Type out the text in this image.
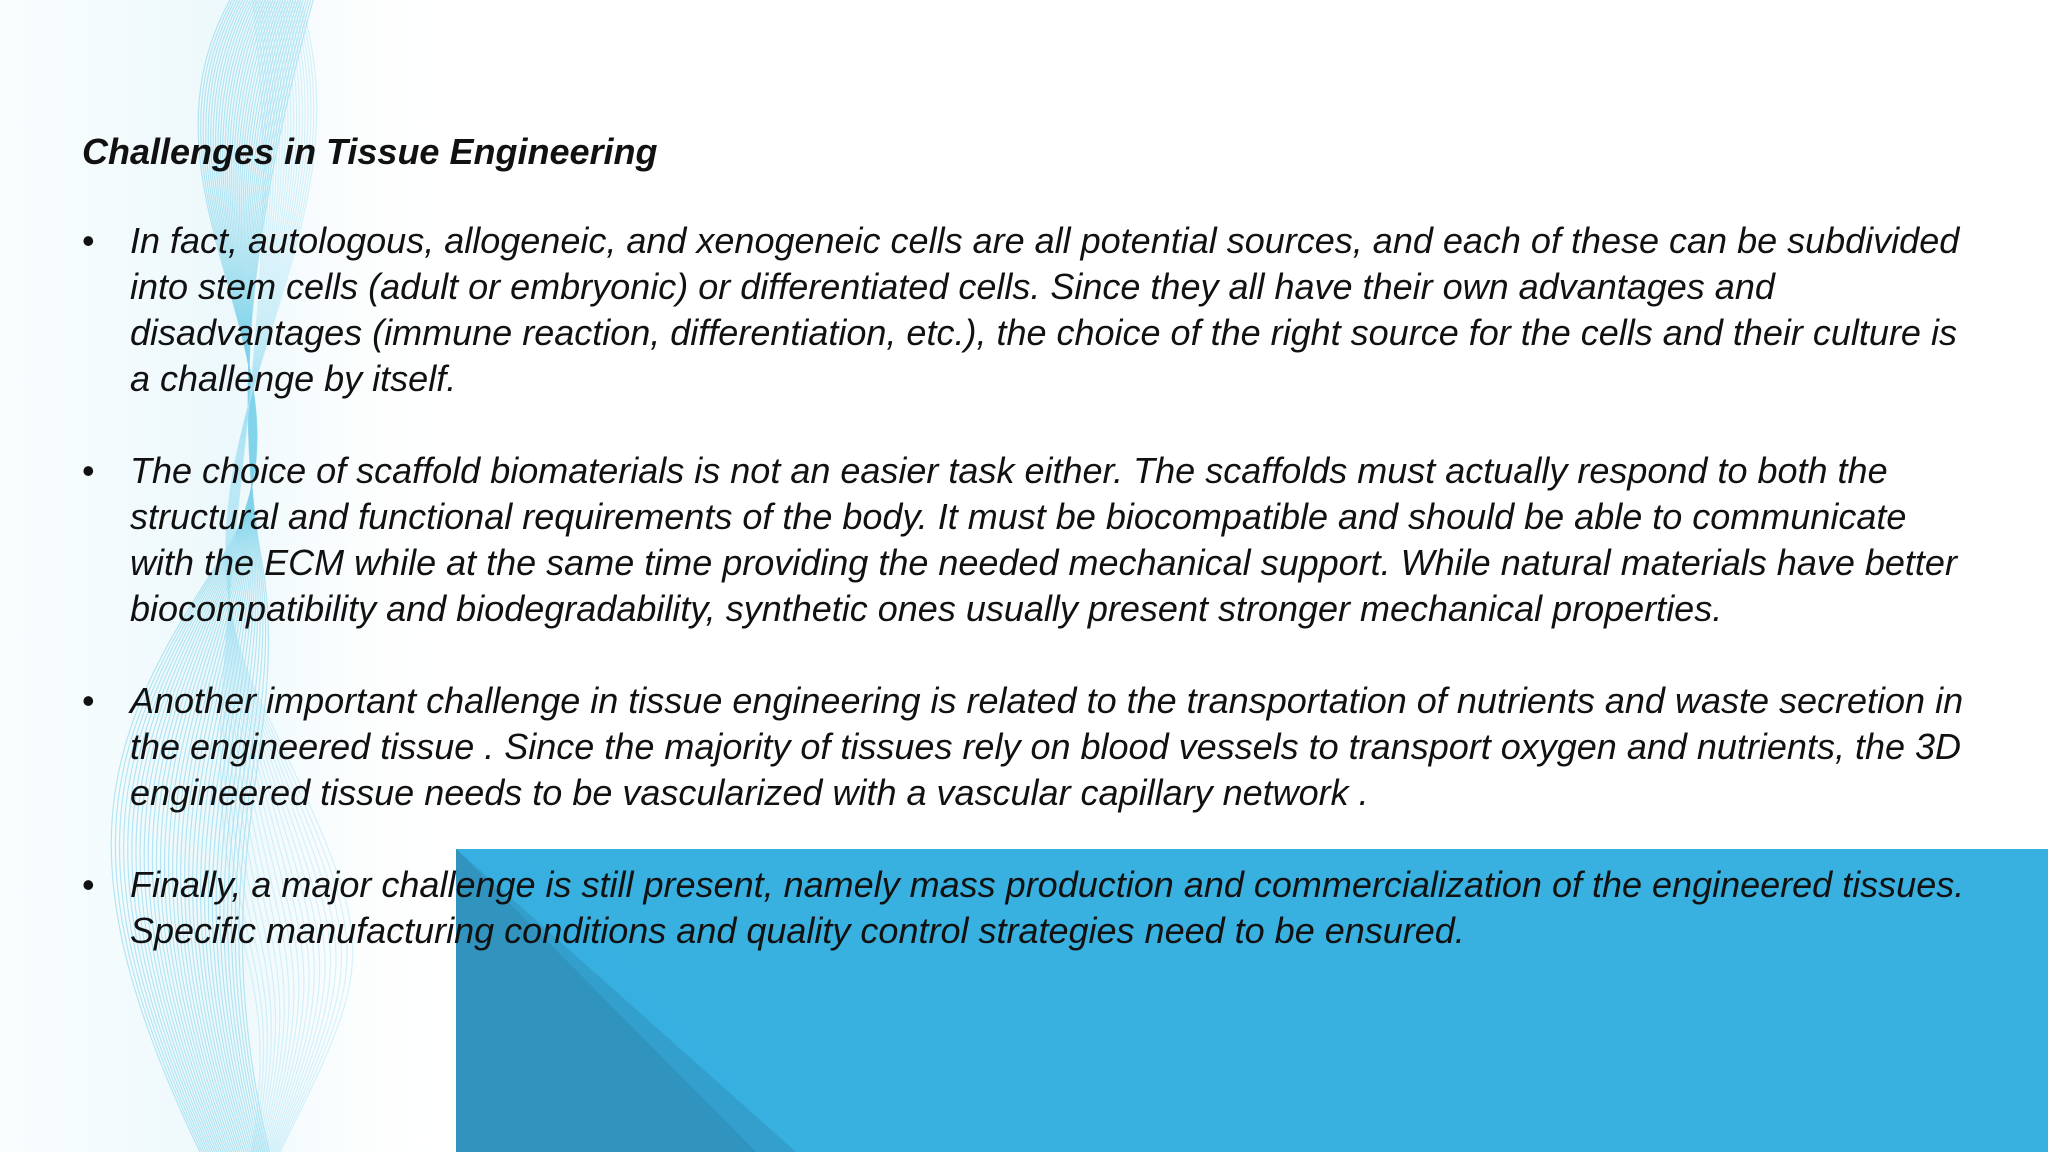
Challenges in Tissue Engineering
• In fact, autologous, allogeneic, and xenogeneic cells are all potential sources, and each of these can be subdivided into stem cells (adult or embryonic) or differentiated cells. Since they all have their own advantages and disadvantages (immune reaction, differentiation, etc.), the choice of the right source for the cells and their culture is a challenge by itself.
• The choice of scaffold biomaterials is not an easier task either. The scaffolds must actually respond to both the structural and functional requirements of the body. It must be biocompatible and should be able to communicate with the ECM while at the same time providing the needed mechanical support. While natural materials have better biocompatibility and biodegradability, synthetic ones usually present stronger mechanical properties.
• Another important challenge in tissue engineering is related to the transportation of nutrients and waste secretion in the engineered tissue . Since the majority of tissues rely on blood vessels to transport oxygen and nutrients, the 3D engineered tissue needs to be vascularized with a vascular capillary network .
• Finally, a major challenge is still present, namely mass production and commercialization of the engineered tissues. Specific manufacturing conditions and quality control strategies need to be ensured.
